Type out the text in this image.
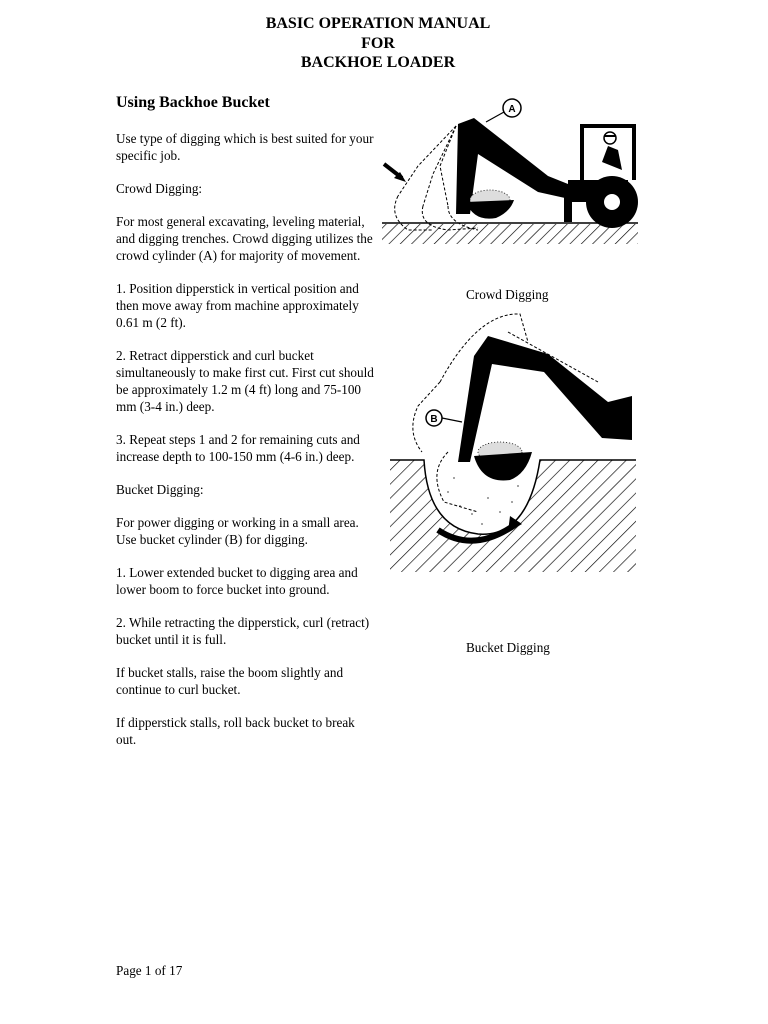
BASIC OPERATION MANUAL
FOR
BACKHOE LOADER
Using Backhoe Bucket

Use type of digging which is best suited for your specific job.

Crowd Digging:

For most general excavating, leveling material, and digging trenches. Crowd digging utilizes the crowd cylinder (A) for majority of movement.

1. Position dipperstick in vertical position and then move away from machine approximately 0.61 m (2 ft).

2. Retract dipperstick and curl bucket simultaneously to make first cut. First cut should be approximately 1.2 m (4 ft) long and 75-100 mm (3-4 in.) deep.

3. Repeat steps 1 and 2 for remaining cuts and increase depth to 100-150 mm (4-6 in.) deep.

Bucket Digging:

For power digging or working in a small area. Use bucket cylinder (B) for digging.

1. Lower extended bucket to digging area and lower boom to force bucket into ground.

2. While retracting the dipperstick, curl (retract) bucket until it is full.

If bucket stalls, raise the boom slightly and continue to curl bucket.

If dipperstick stalls, roll back bucket to break out.

A
Crowd Digging
B
Bucket Digging
Page 1 of 17
